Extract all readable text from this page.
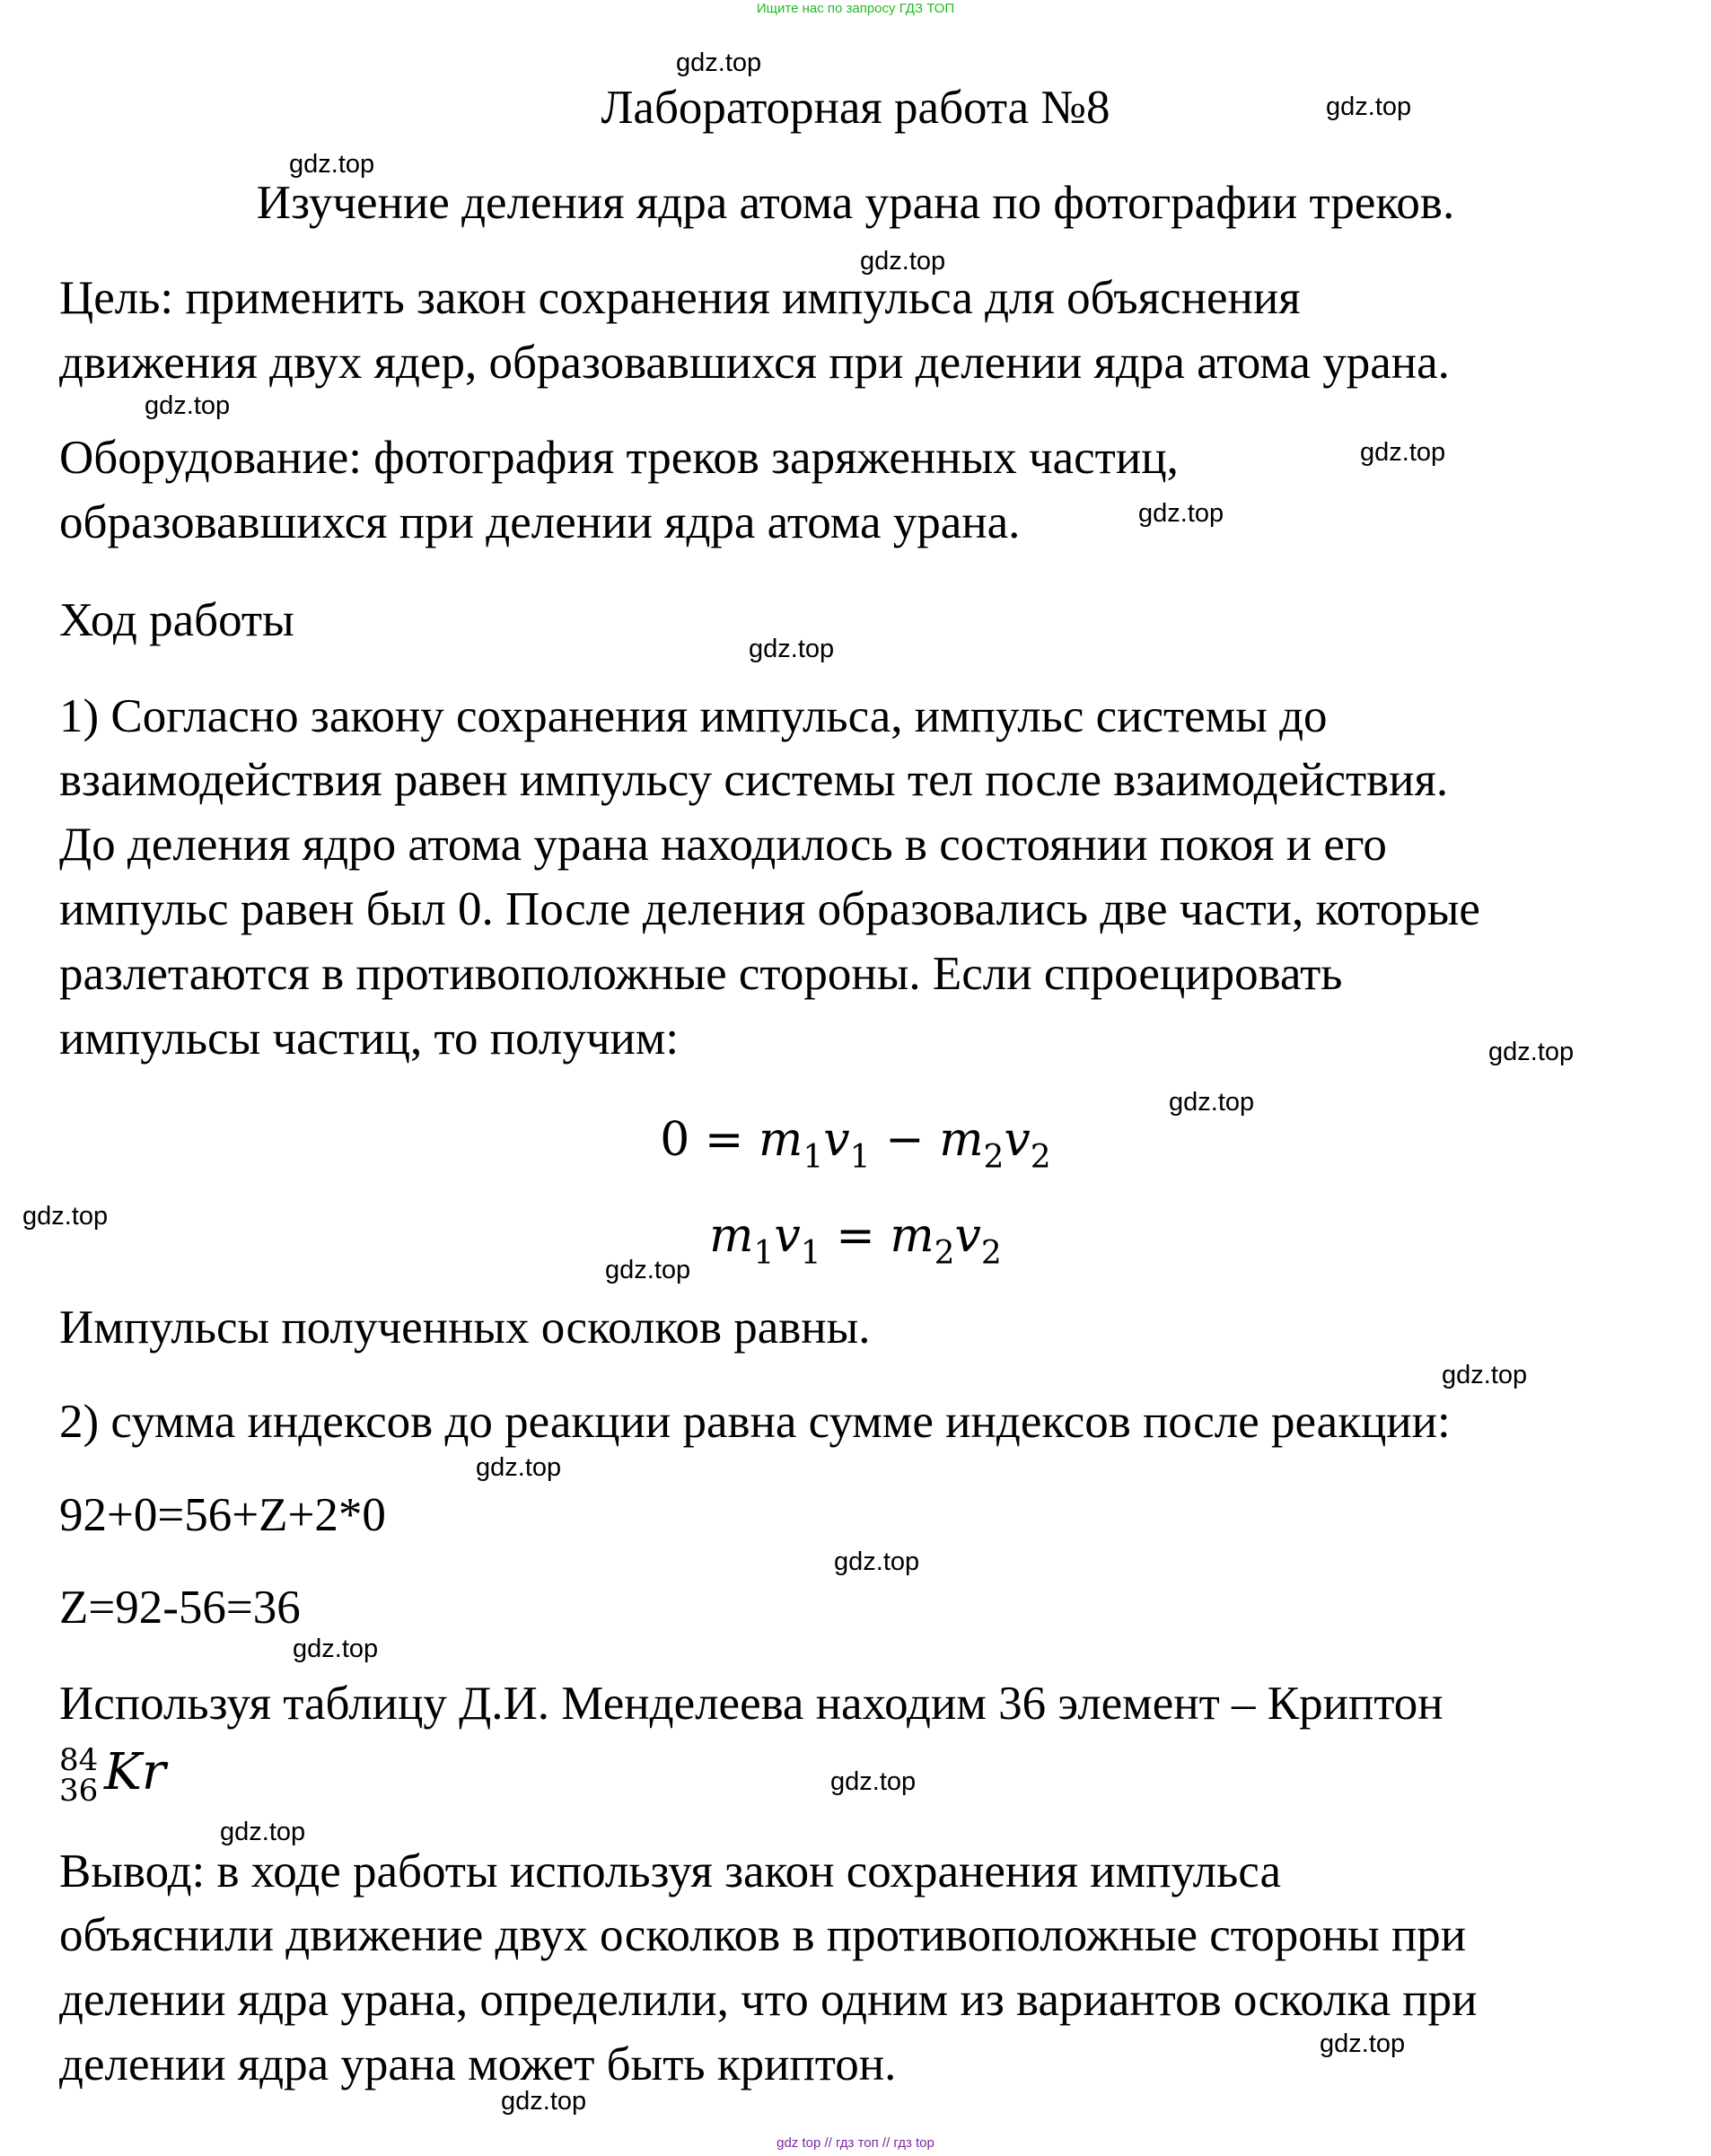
Ищите нас по запросу ГДЗ ТОП
gdz.top
gdz.top
gdz.top
gdz.top
gdz.top
gdz.top
gdz.top
gdz.top
gdz.top
gdz.top
gdz.top
gdz.top
gdz.top
gdz.top
gdz.top
gdz.top
gdz.top
gdz.top
gdz.top
gdz.top
Лабораторная работа №8
Изучение деления ядра атома урана по фотографии треков.
Цель: применить закон сохранения импульса для объяснения
движения двух ядер, образовавшихся при делении ядра атома урана.
Оборудование: фотография треков заряженных частиц,
образовавшихся при делении ядра атома урана.
Ход работы
1) Согласно закону сохранения импульса, импульс системы до
взаимодействия равен импульсу системы тел после взаимодействия.
До деления ядро атома урана находилось в состоянии покоя и его
импульс равен был 0. После деления образовались две части, которые
разлетаются в противоположные стороны. Если спроецировать
импульсы частиц, то получим:
$0 = m_1v_1 - m_2v_2$
$m_1v_1 = m_2v_2$
Импульсы полученных осколков равны.
2) сумма индексов до реакции равна сумме индексов после реакции:
92+0=56+Z+2*0
Z=92-56=36
Используя таблицу Д.И. Менделеева находим 36 элемент – Криптон
84
36 Kr
Вывод: в ходе работы используя закон сохранения импульса
объяснили движение двух осколков в противоположные стороны при
делении ядра урана, определили, что одним из вариантов осколка при
делении ядра урана может быть криптон.
gdz top // гдз топ // гдз top
